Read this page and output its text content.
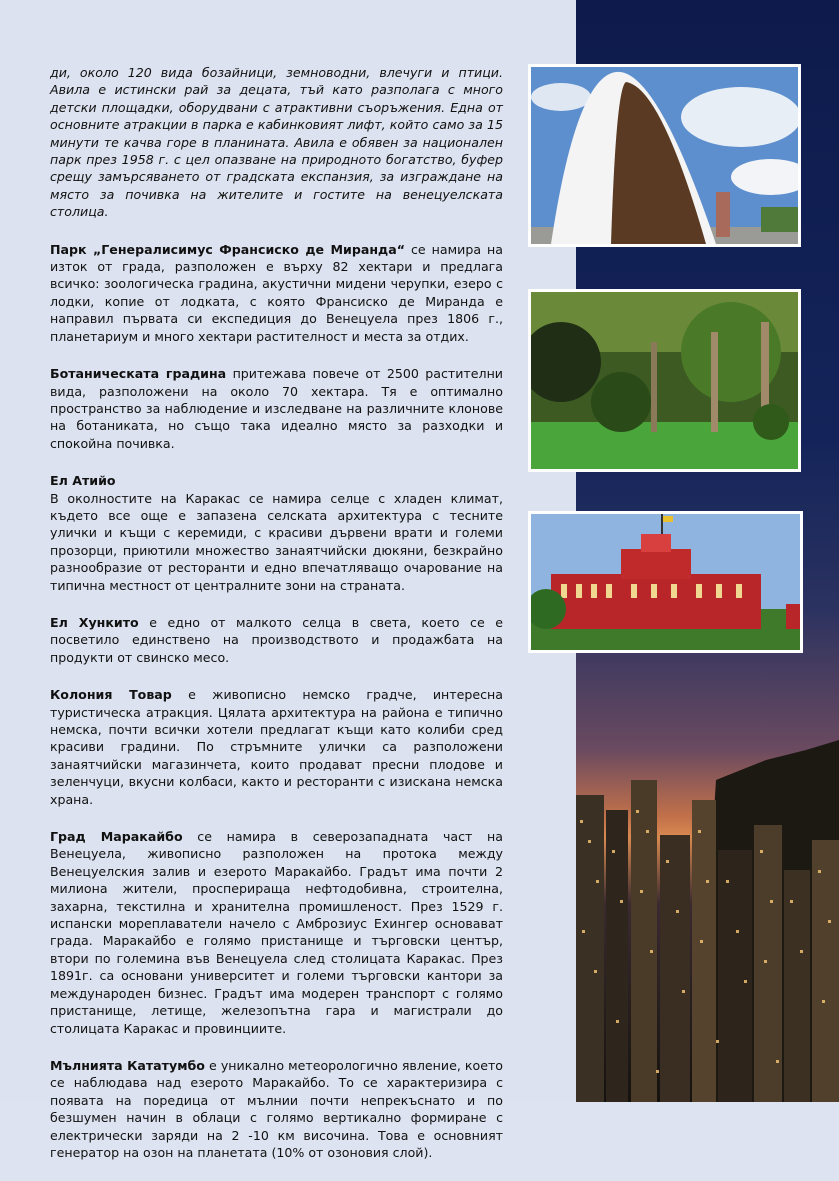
ди, около 120 вида бозайници, земноводни, влечуги и птици. Авила е истински рай за децата, тъй като разполага с много детски площадки, оборудвани с атрактивни съоръжения. Една от основните атракции в парка е кабинковият лифт, който само за 15 минути те качва горе в планината. Авила е обявен за национален парк през 1958 г. с цел опазване на природното богатство, буфер срещу замърсяването от градската експанзия, за изграждане на място за почивка на жителите и гостите на венецуелската столица.

Парк „Генералисимус Франсиско де Миранда“ се намира на изток от града, разположен е върху 82 хектари и предлага всичко: зоологическа градина, акустични мидени черупки, езеро с лодки, копие от лодката, с която Франсиско де Миранда е направил първата си експедиция до Венецуела през 1806 г., планетариум и много хектари растителност и места за отдих.

Ботаническата градина притежава повече от 2500 растителни вида, разположени на около 70 хектара. Тя е оптимално пространство за наблюдение и изследване на различните клонове на ботаниката, но също така идеално място за разходки и спокойна почивка.

Ел Атийо

В околностите на Каракас се намира селце с хладен климат, където все още е запазена селската архитектура с тесните улички и къщи с керемиди, с красиви дървени врати и големи прозорци, приютили множество занаятчийски дюкяни, безкрайно разнообразие от ресторанти и едно впечатляващо очарование на типична местност от централните зони на страната.

Ел Хункито е едно от малкото селца в света, което се е посветило единствено на производството и продажбата на продукти от свинско месо.

Колония Товар е живописно немско градче, интересна туристическа атракция. Цялата архитектура на района е типично немска, почти всички хотели предлагат къщи като колиби сред красиви градини. По стръмните улички са разположени занаятчийски магазинчета, които продават пресни плодове и зеленчуци, вкусни колбаси, както и ресторанти с изискана немска храна.

Град Маракайбо се намира в северозападната част на Венецуела, живописно разположен на протока между Венецуелския залив и езерото Маракайбо. Градът има почти 2 милиона жители, просперираща нефтодобивна, строителна, захарна, текстилна и хранителна промишленост. През 1529 г. испански мореплаватели начело с Амброзиус Ехингер основават града. Маракайбо е голямо пристанище и търговски център, втори по големина във Венецуела след столицата Каракас. През 1891г. са основани университет и големи търговски кантори за международен бизнес. Градът има модерен транспорт с голямо пристанище, летище, железопътна гара и магистрали до столицата Каракас и провинциите.

Мълнията Кататумбо е уникално метеорологично явление, което се наблюдава над езерото Маракайбо. То се характеризира с появата на поредица от мълнии почти непрекъснато и по безшумен начин в облаци с голямо вертикално формиране с електрически заряди на 2 -10 км височина. Това е основният генератор на озон на планетата (10% от озоновия слой).
